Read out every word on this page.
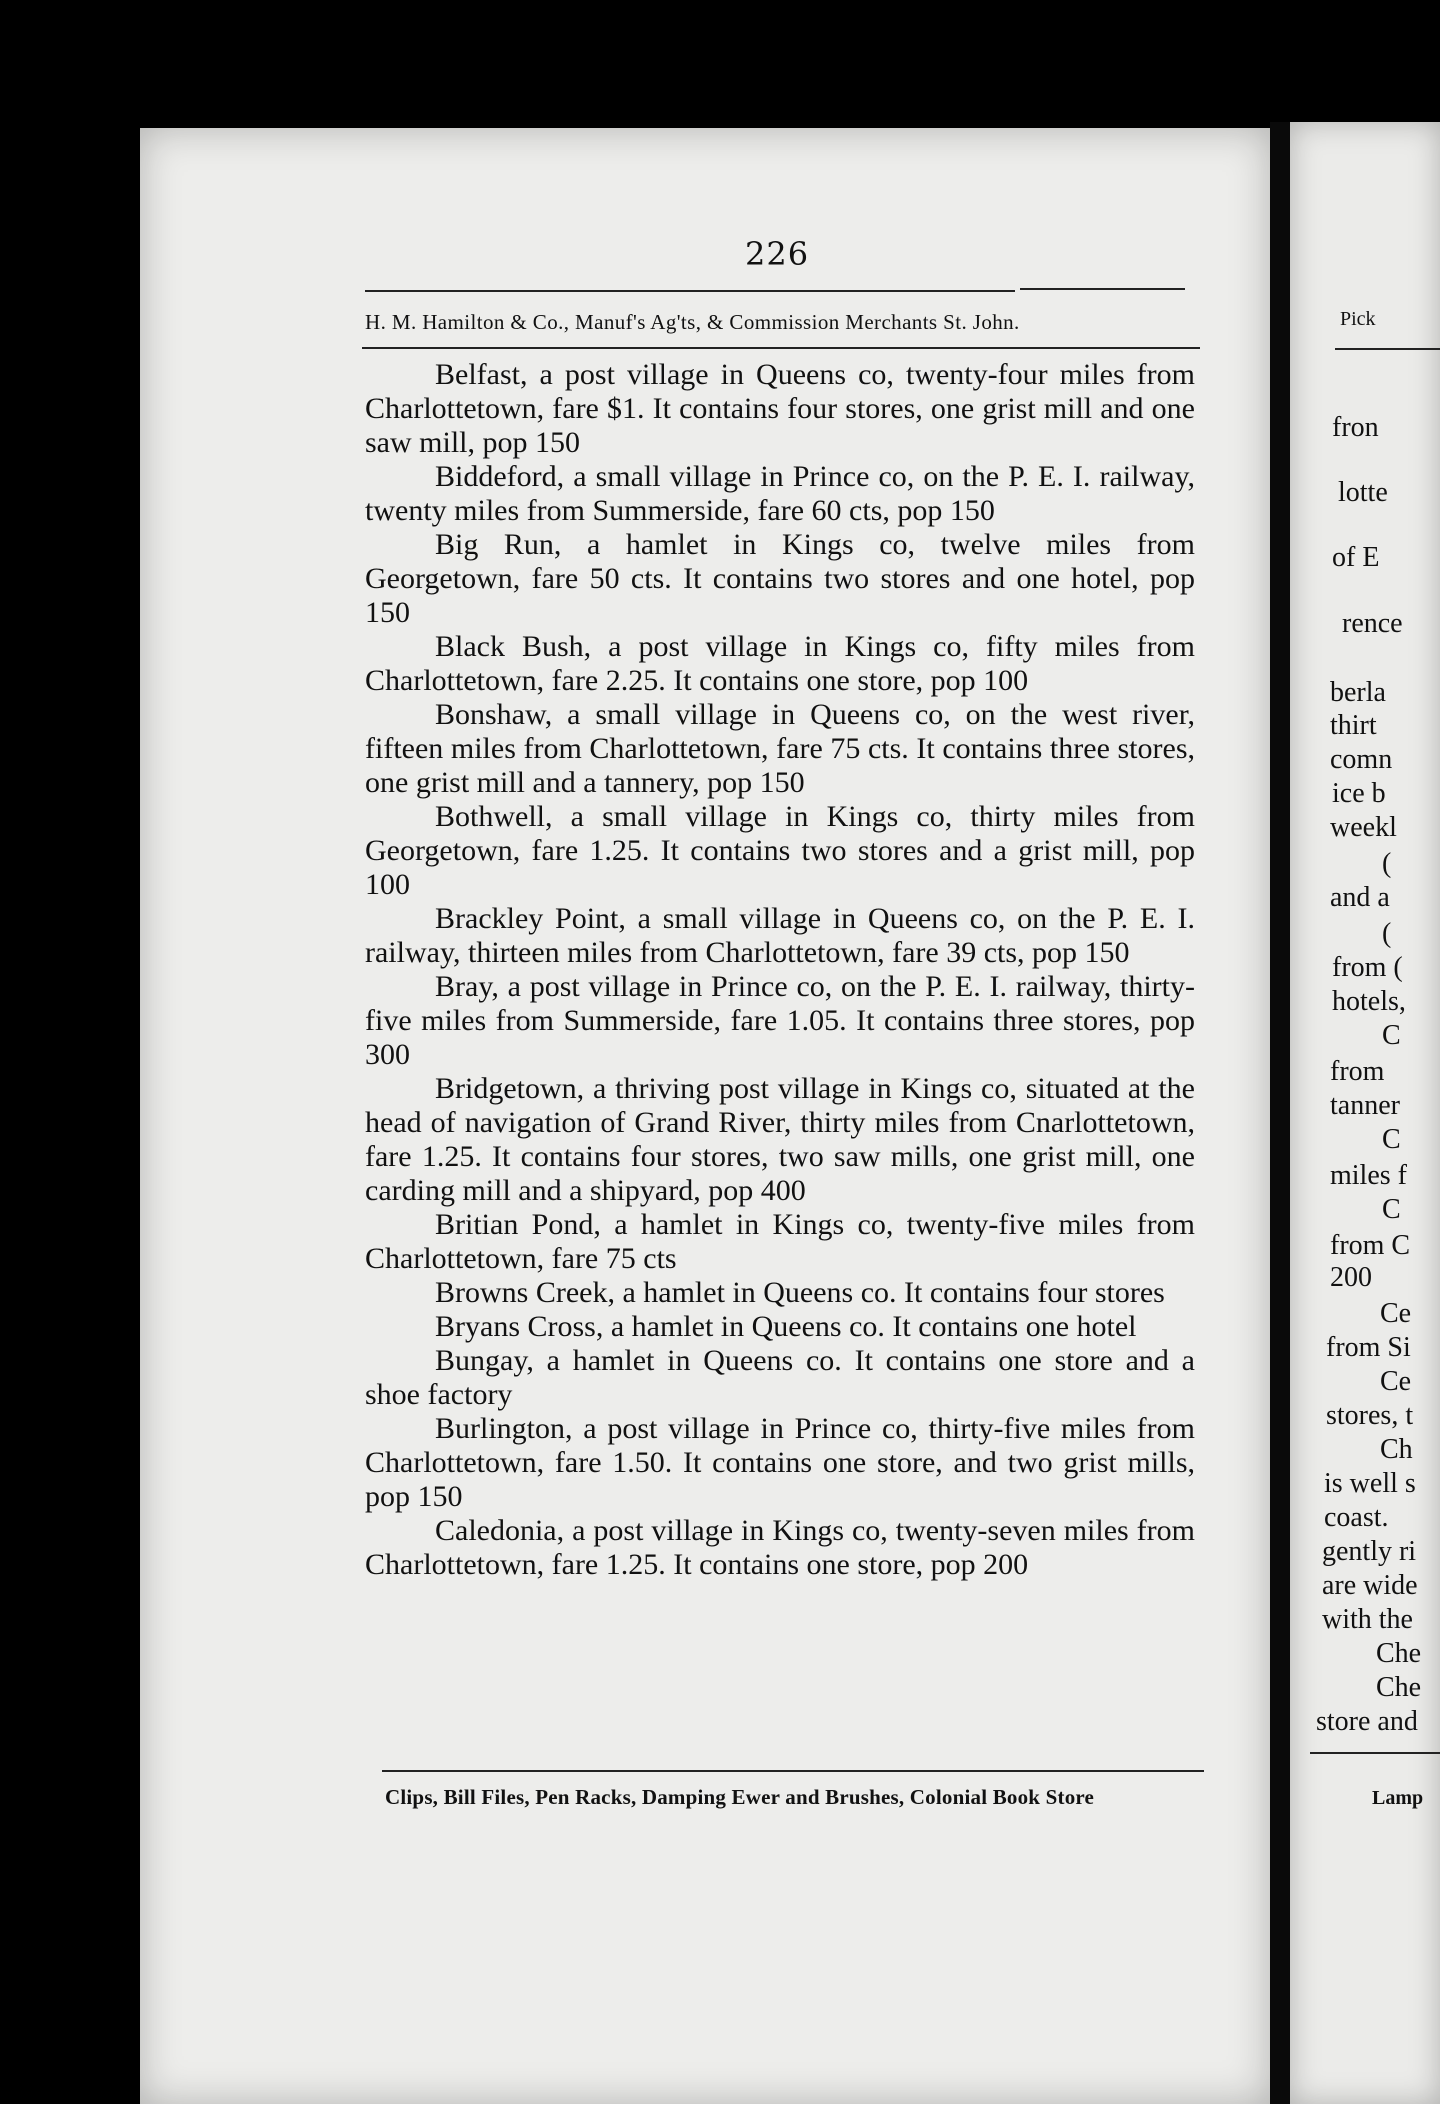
Pick
fron
lotte
of E
rence
berla
thirt
comn
ice b
weekl
(
and a
(
from (
hotels,
C
from
tanner
C
miles f
C
from C
200
Ce
from Si
Ce
stores, t
Ch
is well s
coast.
gently ri
are wide
with the
Che
Che
store and
Lamp
226
H. M. Hamilton & Co., Manuf's Ag'ts, & Commission Merchants St. John.

Belfast, a post village in Queens co, twenty-four miles from Charlottetown, fare $1. It contains four stores, one grist mill and one saw mill, pop 150

Biddeford, a small village in Prince co, on the P. E. I. railway, twenty miles from Summerside, fare 60 cts, pop 150

Big Run, a hamlet in Kings co, twelve miles from Georgetown, fare 50 cts. It contains two stores and one hotel, pop 150

Black Bush, a post village in Kings co, fifty miles from Charlottetown, fare 2.25. It contains one store, pop 100

Bonshaw, a small village in Queens co, on the west river, fifteen miles from Charlottetown, fare 75 cts. It contains three stores, one grist mill and a tannery, pop 150

Bothwell, a small village in Kings co, thirty miles from Georgetown, fare 1.25. It contains two stores and a grist mill, pop 100

Brackley Point, a small village in Queens co, on the P. E. I. railway, thirteen miles from Charlottetown, fare 39 cts, pop 150

Bray, a post village in Prince co, on the P. E. I. railway, thirty-five miles from Summerside, fare 1.05. It contains three stores, pop 300

Bridgetown, a thriving post village in Kings co, situated at the head of navigation of Grand River, thirty miles from Cnarlottetown, fare 1.25. It contains four stores, two saw mills, one grist mill, one carding mill and a shipyard, pop 400

Britian Pond, a hamlet in Kings co, twenty-five miles from Charlottetown, fare 75 cts

Browns Creek, a hamlet in Queens co. It contains four stores

Bryans Cross, a hamlet in Queens co. It contains one hotel

Bungay, a hamlet in Queens co. It contains one store and a shoe factory

Burlington, a post village in Prince co, thirty-five miles from Charlottetown, fare 1.50. It contains one store, and two grist mills, pop 150

Caledonia, a post village in Kings co, twenty-seven miles from Charlottetown, fare 1.25. It contains one store, pop 200

Clips, Bill Files, Pen Racks, Damping Ewer and Brushes, Colonial Book Store
